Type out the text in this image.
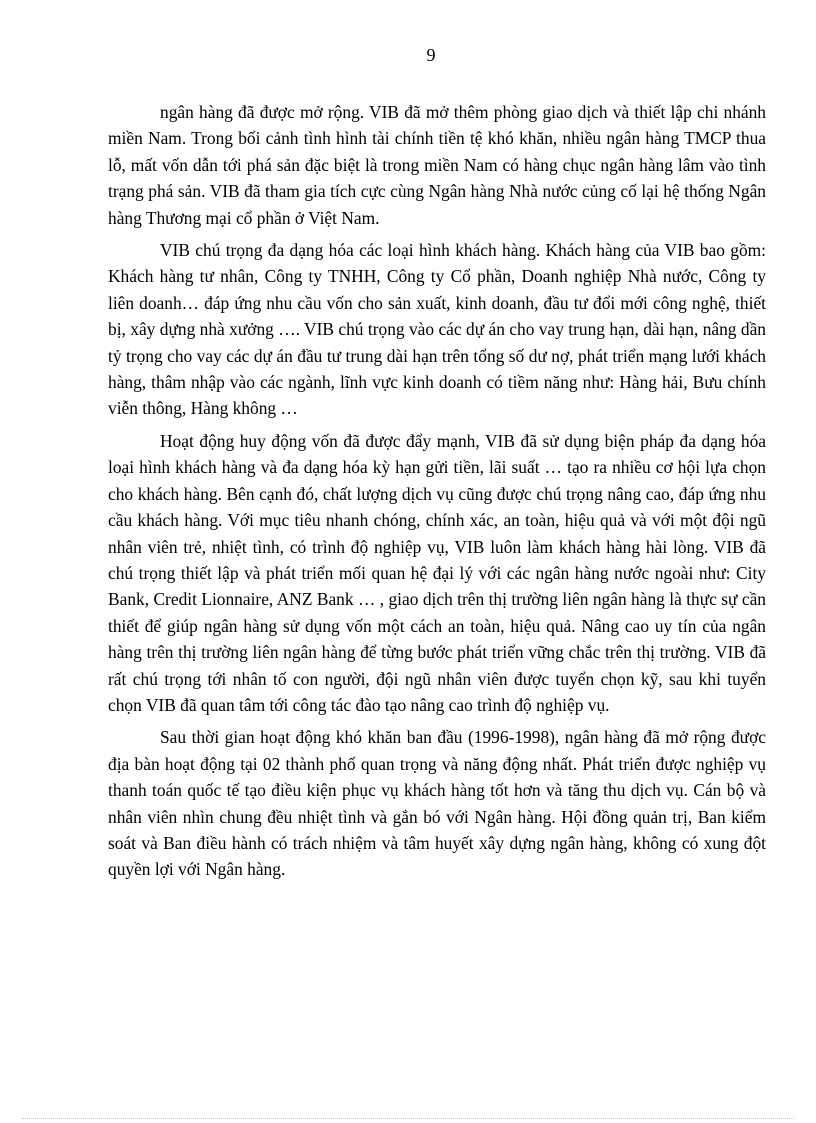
9

ngân hàng đã được mở rộng. VIB đã mở thêm phòng giao dịch và thiết lập chi nhánh miền Nam. Trong bối cảnh tình hình tài chính tiền tệ khó khăn, nhiều ngân hàng TMCP thua lỗ, mất vốn dẫn tới phá sản đặc biệt là trong miền Nam có hàng chục ngân hàng lâm vào tình trạng phá sản. VIB đã tham gia tích cực cùng Ngân hàng Nhà nước củng cố lại hệ thống Ngân hàng Thương mại cổ phần ở Việt Nam.

VIB chú trọng đa dạng hóa các loại hình khách hàng. Khách hàng của VIB bao gồm: Khách hàng tư nhân, Công ty TNHH, Công ty Cổ phần, Doanh nghiệp Nhà nước, Công ty liên doanh… đáp ứng nhu cầu vốn cho sản xuất, kinh doanh, đầu tư đổi mới công nghệ, thiết bị, xây dựng nhà xưởng …. VIB chú trọng vào các dự án cho vay trung hạn, dài hạn, nâng dần tỷ trọng cho vay các dự án đầu tư trung dài hạn trên tổng số dư nợ, phát triển mạng lưới khách hàng, thâm nhập vào các ngành, lĩnh vực kinh doanh có tiềm năng như: Hàng hải, Bưu chính viễn thông, Hàng không …

Hoạt động huy động vốn đã được đẩy mạnh, VIB đã sử dụng biện pháp đa dạng hóa loại hình khách hàng và đa dạng hóa kỳ hạn gửi tiền, lãi suất … tạo ra nhiều cơ hội lựa chọn cho khách hàng. Bên cạnh đó, chất lượng dịch vụ cũng được chú trọng nâng cao, đáp ứng nhu cầu khách hàng. Với mục tiêu nhanh chóng, chính xác, an toàn, hiệu quả và với một đội ngũ nhân viên trẻ, nhiệt tình, có trình độ nghiệp vụ, VIB luôn làm khách hàng hài lòng. VIB đã chú trọng thiết lập và phát triển mối quan hệ đại lý với các ngân hàng nước ngoài như: City Bank, Credit Lionnaire, ANZ Bank … , giao dịch trên thị trường liên ngân hàng là thực sự cần thiết để giúp ngân hàng sử dụng vốn một cách an toàn, hiệu quả. Nâng cao uy tín của ngân hàng trên thị trường liên ngân hàng để từng bước phát triển vững chắc trên thị trường. VIB đã rất chú trọng tới nhân tố con người, đội ngũ nhân viên được tuyển chọn kỹ, sau khi tuyển chọn VIB đã quan tâm tới công tác đào tạo nâng cao trình độ nghiệp vụ.

Sau thời gian hoạt động khó khăn ban đầu (1996-1998), ngân hàng đã mở rộng được địa bàn hoạt động tại 02 thành phố quan trọng và năng động nhất. Phát triển được nghiệp vụ thanh toán quốc tế tạo điều kiện phục vụ khách hàng tốt hơn và tăng thu dịch vụ. Cán bộ và nhân viên nhìn chung đều nhiệt tình và gắn bó với Ngân hàng. Hội đồng quản trị, Ban kiểm soát và Ban điều hành có trách nhiệm và tâm huyết xây dựng ngân hàng, không có xung đột quyền lợi với Ngân hàng.
